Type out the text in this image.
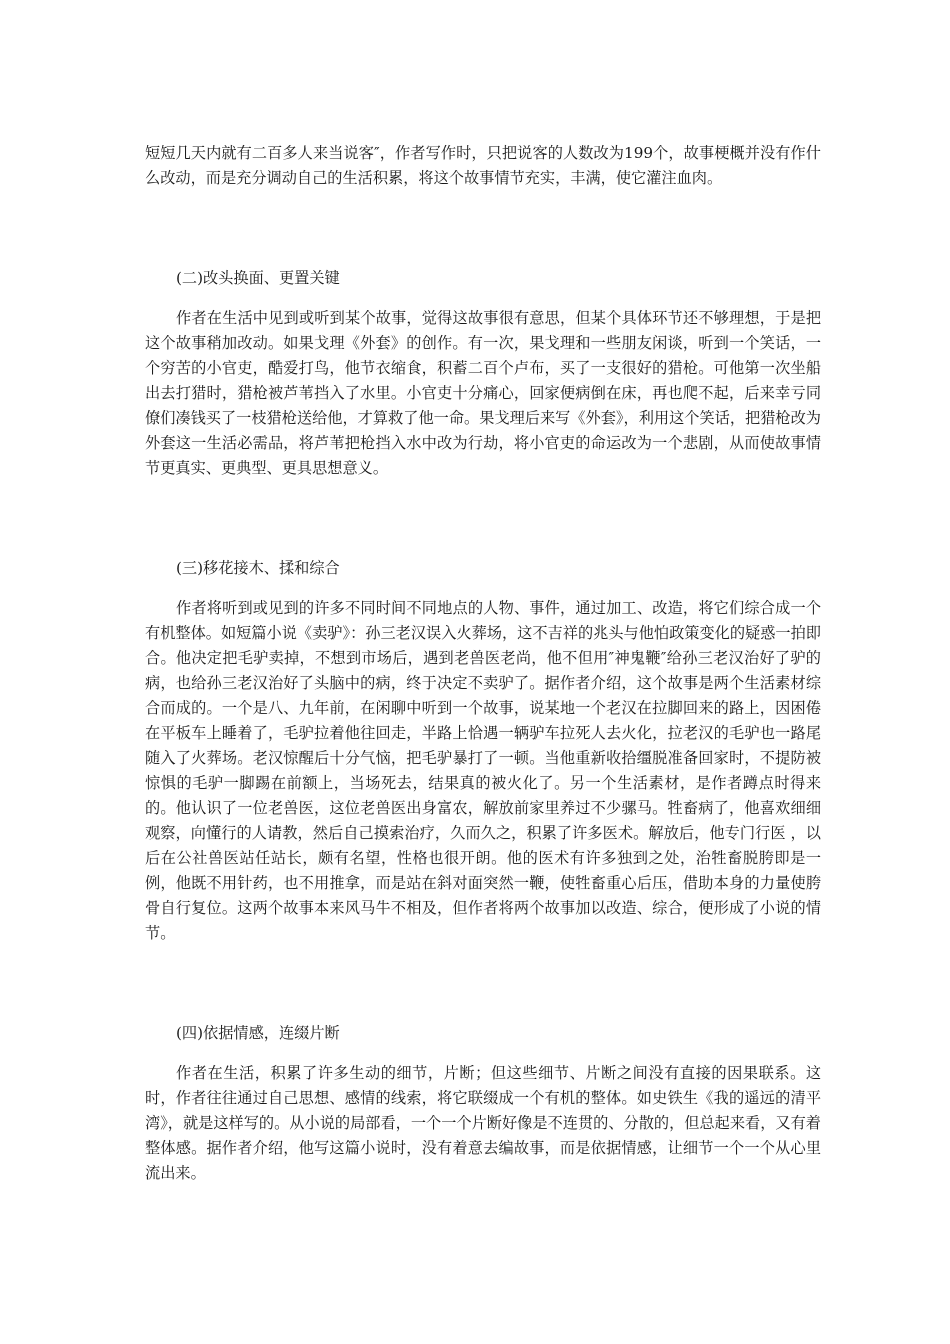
短短几天内就有二百多人来当说客″，作者写作时，只把说客的人数改为199个，故事梗概并没有作什么改动，而是充分调动自己的生活积累，将这个故事情节充实，丰满，使它灌注血肉。

(二)改头换面、更置关键

作者在生活中见到或听到某个故事，觉得这故事很有意思，但某个具体环节还不够理想，于是把这个故事稍加改动。如果戈理《外套》的创作。有一次，果戈理和一些朋友闲谈，听到一个笑话，一个穷苦的小官吏，酷爱打鸟，他节衣缩食，积蓄二百个卢布，买了一支很好的猎枪。可他第一次坐船出去打猎时，猎枪被芦苇挡入了水里。小官吏十分痛心，回家便病倒在床，再也爬不起，后来幸亏同僚们凑钱买了一枝猎枪送给他，才算救了他一命。果戈理后来写《外套》，利用这个笑话，把猎枪改为外套这一生活必需品，将芦苇把枪挡入水中改为行劫，将小官吏的命运改为一个悲剧，从而使故事情节更真实、更典型、更具思想意义。

(三)移花接木、揉和综合

作者将听到或见到的许多不同时间不同地点的人物、事件，通过加工、改造，将它们综合成一个有机整体。如短篇小说《卖驴》：孙三老汉误入火葬场，这不吉祥的兆头与他怕政策变化的疑惑一拍即合。他决定把毛驴卖掉，不想到市场后，遇到老兽医老尚，他不但用″神鬼鞭″给孙三老汉治好了驴的病，也给孙三老汉治好了头脑中的病，终于决定不卖驴了。据作者介绍，这个故事是两个生活素材综合而成的。一个是八、九年前，在闲聊中听到一个故事，说某地一个老汉在拉脚回来的路上，因困倦在平板车上睡着了，毛驴拉着他往回走，半路上恰遇一辆驴车拉死人去火化，拉老汉的毛驴也一路尾随入了火葬场。老汉惊醒后十分气恼，把毛驴暴打了一顿。当他重新收拾缰脱准备回家时，不提防被惊惧的毛驴一脚踢在前额上，当场死去，结果真的被火化了。另一个生活素材，是作者蹲点时得来的。他认识了一位老兽医，这位老兽医出身富农，解放前家里养过不少骡马。牲畜病了，他喜欢细细观察，向懂行的人请教，然后自己摸索治疗，久而久之，积累了许多医术。解放后，他专门行医 ，以后在公社兽医站任站长，颇有名望，性格也很开朗。他的医术有许多独到之处，治牲畜脱胯即是一例，他既不用针药，也不用推拿，而是站在斜对面突然一鞭，使牲畜重心后压，借助本身的力量使胯骨自行复位。这两个故事本来风马牛不相及，但作者将两个故事加以改造、综合，便形成了小说的情节。

(四)依据情感，连缀片断

作者在生活，积累了许多生动的细节，片断；但这些细节、片断之间没有直接的因果联系。这时，作者往往通过自己思想、感情的线索，将它联缀成一个有机的整体。如史铁生《我的遥远的清平湾》，就是这样写的。从小说的局部看，一个一个片断好像是不连贯的、分散的，但总起来看，又有着整体感。据作者介绍，他写这篇小说时，没有着意去编故事，而是依据情感，让细节一个一个从心里流出来。
